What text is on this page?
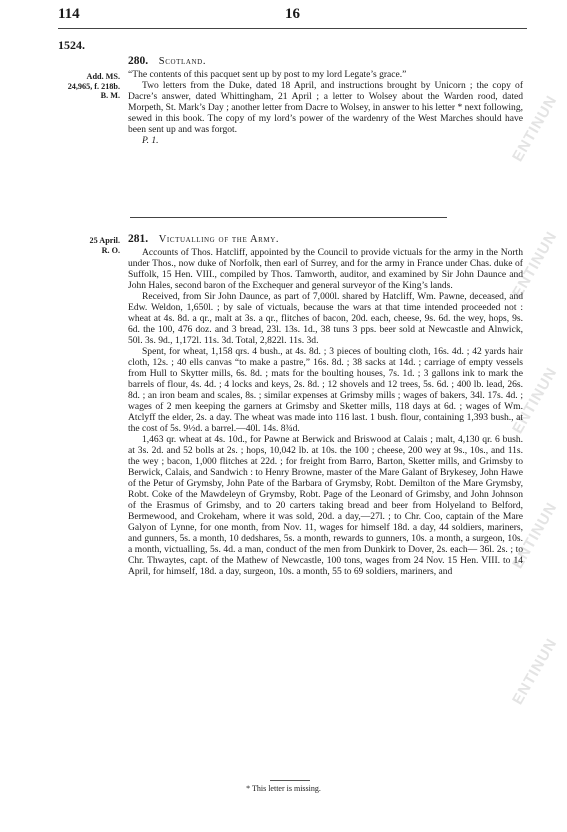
ENTINUN
ENTINUN
ENTINUN
ENTINUN
ENTINUN
114	16
1524.
Add. MS.
24,965, f. 218b.
B. M.
280. Scotland.

“The contents of this pacquet sent up by post to my lord Legate’s grace.”

Two letters from the Duke, dated 18 April, and instructions brought by Unicorn ; the copy of Dacre’s answer, dated Whittingham, 21 April ; a letter to Wolsey about the Warden rood, dated Morpeth, St. Mark’s Day ; another letter from Dacre to Wolsey, in answer to his letter * next following, sewed in this book. The copy of my lord’s power of the wardenry of the West Marches should have been sent up and was forgot.

P. 1.

25 April.
R. O.
281. Victualling of the Army.

Accounts of Thos. Hatcliff, appointed by the Council to provide victuals for the army in the North under Thos., now duke of Norfolk, then earl of Surrey, and for the army in France under Chas. duke of Suffolk, 15 Hen. VIII., compiled by Thos. Tamworth, auditor, and examined by Sir John Daunce and John Hales, second baron of the Exchequer and general surveyor of the King’s lands.

Received, from Sir John Daunce, as part of 7,000l. shared by Hatcliff, Wm. Pawne, deceased, and Edw. Weldon, 1,650l. ; by sale of victuals, because the wars at that time intended proceeded not : wheat at 4s. 8d. a qr., malt at 3s. a qr., flitches of bacon, 20d. each, cheese, 9s. 6d. the wey, hops, 9s. 6d. the 100, 476 doz. and 3 bread, 23l. 13s. 1d., 38 tuns 3 pps. beer sold at Newcastle and Alnwick, 50l. 3s. 9d., 1,172l. 11s. 3d. Total, 2,822l. 11s. 3d.

Spent, for wheat, 1,158 qrs. 4 bush., at 4s. 8d. ; 3 pieces of boulting cloth, 16s. 4d. ; 42 yards hair cloth, 12s. ; 40 ells canvas “to make a pastre,” 16s. 8d. ; 38 sacks at 14d. ; carriage of empty vessels from Hull to Skytter mills, 6s. 8d. ; mats for the boulting houses, 7s. 1d. ; 3 gallons ink to mark the barrels of flour, 4s. 4d. ; 4 locks and keys, 2s. 8d. ; 12 shovels and 12 trees, 5s. 6d. ; 400 lb. lead, 26s. 8d. ; an iron beam and scales, 8s. ; similar expenses at Grimsby mills ; wages of bakers, 34l. 17s. 4d. ; wages of 2 men keeping the garners at Grimsby and Sketter mills, 118 days at 6d. ; wages of Wm. Atclyff the elder, 2s. a day. The wheat was made into 116 last. 1 bush. flour, containing 1,393 bush., at the cost of 5s. 9½d. a barrel.—40l. 14s. 8¾d.

1,463 qr. wheat at 4s. 10d., for Pawne at Berwick and Briswood at Calais ; malt, 4,130 qr. 6 bush. at 3s. 2d. and 52 bolls at 2s. ; hops, 10,042 lb. at 10s. the 100 ; cheese, 200 wey at 9s., 10s., and 11s. the wey ; bacon, 1,000 flitches at 22d. ; for freight from Barro, Barton, Sketter mills, and Grimsby to Berwick, Calais, and Sandwich : to Henry Browne, master of the Mare Galant of Brykesey, John Hawe of the Petur of Grymsby, John Pate of the Barbara of Grymsby, Robt. Demilton of the Mare Grymsby, Robt. Coke of the Mawdeleyn of Grymsby, Robt. Page of the Leonard of Grimsby, and John Johnson of the Erasmus of Grimsby, and to 20 carters taking bread and beer from Holyeland to Belford, Bermewood, and Crokeham, where it was sold, 20d. a day,—27l. ; to Chr. Coo, captain of the Mare Galyon of Lynne, for one month, from Nov. 11, wages for himself 18d. a day, 44 soldiers, mariners, and gunners, 5s. a month, 10 dedshares, 5s. a month, rewards to gunners, 10s. a month, a surgeon, 10s. a month, victualling, 5s. 4d. a man, conduct of the men from Dunkirk to Dover, 2s. each— 36l. 2s. ; to Chr. Thwaytes, capt. of the Mathew of Newcastle, 100 tons, wages from 24 Nov. 15 Hen. VIII. to 14 April, for himself, 18d. a day, surgeon, 10s. a month, 55 to 69 soldiers, mariners, and

* This letter is missing.
